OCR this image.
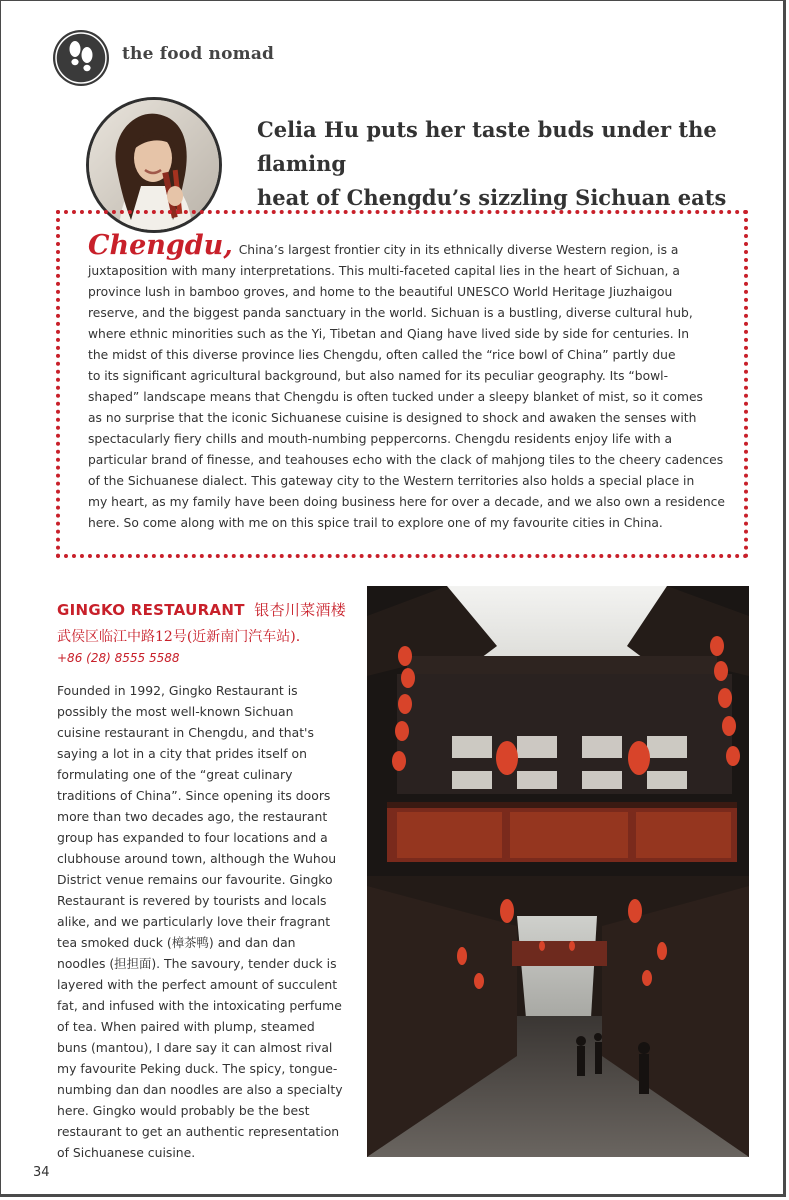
the food nomad
Celia Hu puts her taste buds under the flaming
heat of Chengdu’s sizzling Sichuan eats
Chengdu, China’s largest frontier city in its ethnically diverse Western region, is a
juxtaposition with many interpretations. This multi-faceted capital lies in the heart of Sichuan, a
province lush in bamboo groves, and home to the beautiful UNESCO World Heritage Jiuzhaigou
reserve, and the biggest panda sanctuary in the world. Sichuan is a bustling, diverse cultural hub,
where ethnic minorities such as the Yi, Tibetan and Qiang have lived side by side for centuries. In
the midst of this diverse province lies Chengdu, often called the “rice bowl of China” partly due
to its significant agricultural background, but also named for its peculiar geography. Its “bowl-
shaped” landscape means that Chengdu is often tucked under a sleepy blanket of mist, so it comes
as no surprise that the iconic Sichuanese cuisine is designed to shock and awaken the senses with
spectacularly fiery chills and mouth-numbing peppercorns. Chengdu residents enjoy life with a
particular brand of finesse, and teahouses echo with the clack of mahjong tiles to the cheery cadences
of the Sichuanese dialect. This gateway city to the Western territories also holds a special place in
my heart, as my family have been doing business here for over a decade, and we also own a residence
here. So come along with me on this spice trail to explore one of my favourite cities in China.
GINGKO RESTAURANT 银杏川菜酒楼
武侯区临江中路12号(近新南门汽车站).
+86 (28) 8555 5588
Founded in 1992, Gingko Restaurant is
possibly the most well-known Sichuan
cuisine restaurant in Chengdu, and that's
saying a lot in a city that prides itself on
formulating one of the “great culinary
traditions of China”. Since opening its doors
more than two decades ago, the restaurant
group has expanded to four locations and a
clubhouse around town, although the Wuhou
District venue remains our favourite. Gingko
Restaurant is revered by tourists and locals
alike, and we particularly love their fragrant
tea smoked duck (樟茶鸭) and dan dan
noodles (担担面). The savoury, tender duck is
layered with the perfect amount of succulent
fat, and infused with the intoxicating perfume
of tea. When paired with plump, steamed
buns (mantou), I dare say it can almost rival
my favourite Peking duck. The spicy, tongue-
numbing dan dan noodles are also a specialty
here. Gingko would probably be the best
restaurant to get an authentic representation
of Sichuanese cuisine.
34
